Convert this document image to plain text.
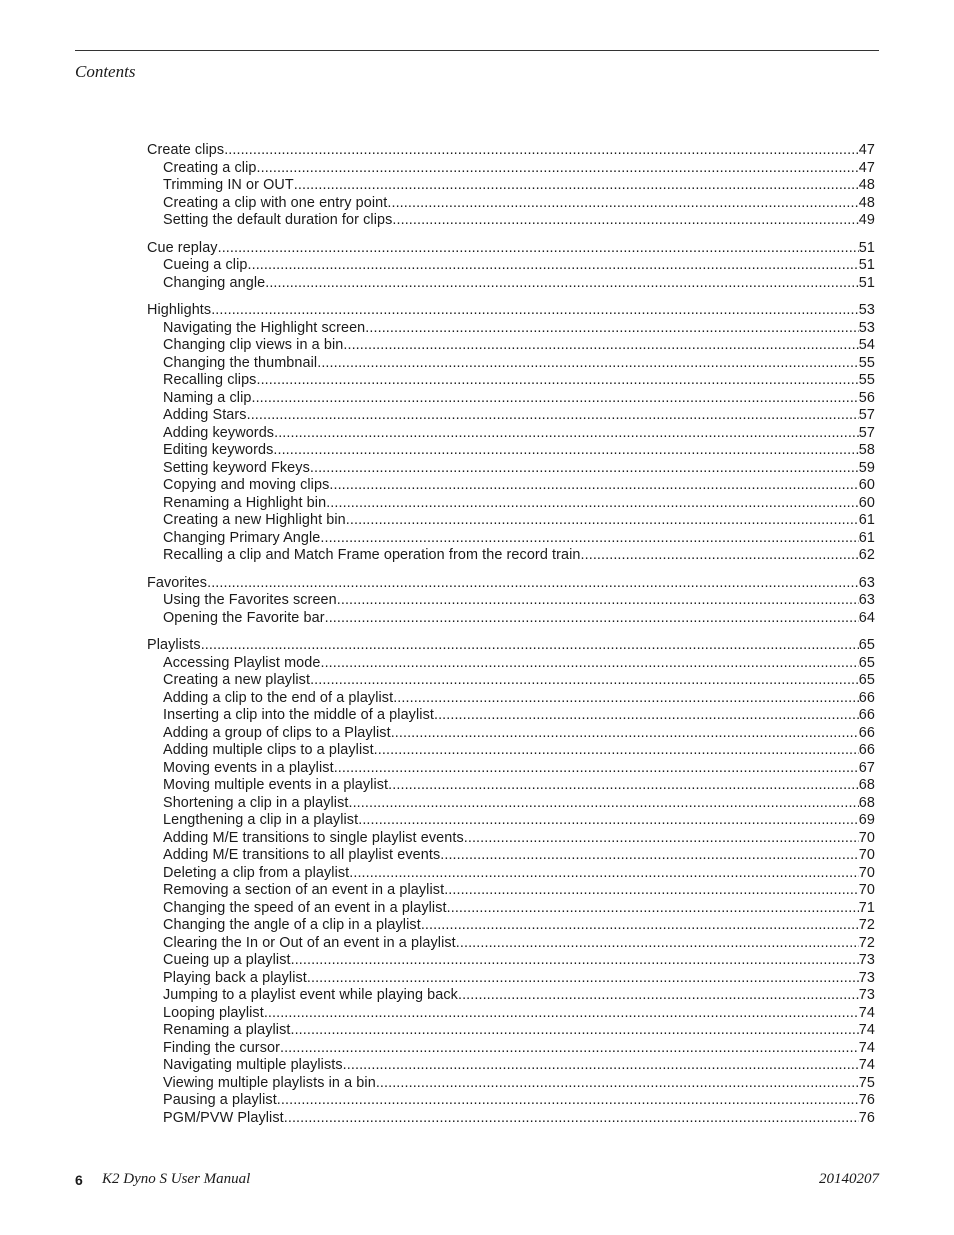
Contents
Create clips .....	47
Creating a clip .....	47
Trimming IN or OUT .....	48
Creating a clip with one entry point .....	48
Setting the default duration for clips .....	49
Cue replay .....	51
Cueing a clip .....	51
Changing angle .....	51
Highlights .....	53
Navigating the Highlight screen .....	53
Changing clip views in a bin .....	54
Changing the thumbnail .....	55
Recalling clips .....	55
Naming a clip .....	56
Adding Stars .....	57
Adding keywords .....	57
Editing keywords .....	58
Setting keyword Fkeys .....	59
Copying and moving clips .....	60
Renaming a Highlight bin .....	60
Creating a new Highlight bin .....	61
Changing Primary Angle .....	61
Recalling a clip and Match Frame operation from the record train .....	62
Favorites .....	63
Using the Favorites screen .....	63
Opening the Favorite bar .....	64
Playlists .....	65
Accessing Playlist mode .....	65
Creating a new playlist .....	65
Adding a clip to the end of a playlist .....	66
Inserting a clip into the middle of a playlist .....	66
Adding a group of clips to a Playlist .....	66
Adding multiple clips to a playlist .....	66
Moving events in a playlist .....	67
Moving multiple events in a playlist .....	68
Shortening a clip in a playlist .....	68
Lengthening a clip in a playlist .....	69
Adding M/E transitions to single playlist events .....	70
Adding M/E transitions to all playlist events .....	70
Deleting a clip from a playlist .....	70
Removing a section of an event in a playlist .....	70
Changing the speed of an event in a playlist .....	71
Changing the angle of a clip in a playlist .....	72
Clearing the In or Out of an event in a playlist .....	72
Cueing up a playlist .....	73
Playing back a playlist .....	73
Jumping to a playlist event while playing back .....	73
Looping playlist .....	74
Renaming a playlist .....	74
Finding the cursor .....	74
Navigating multiple playlists .....	74
Viewing multiple playlists in a bin .....	75
Pausing a playlist .....	76
PGM/PVW Playlist .....	76
6 K2 Dyno S User Manual	20140207
